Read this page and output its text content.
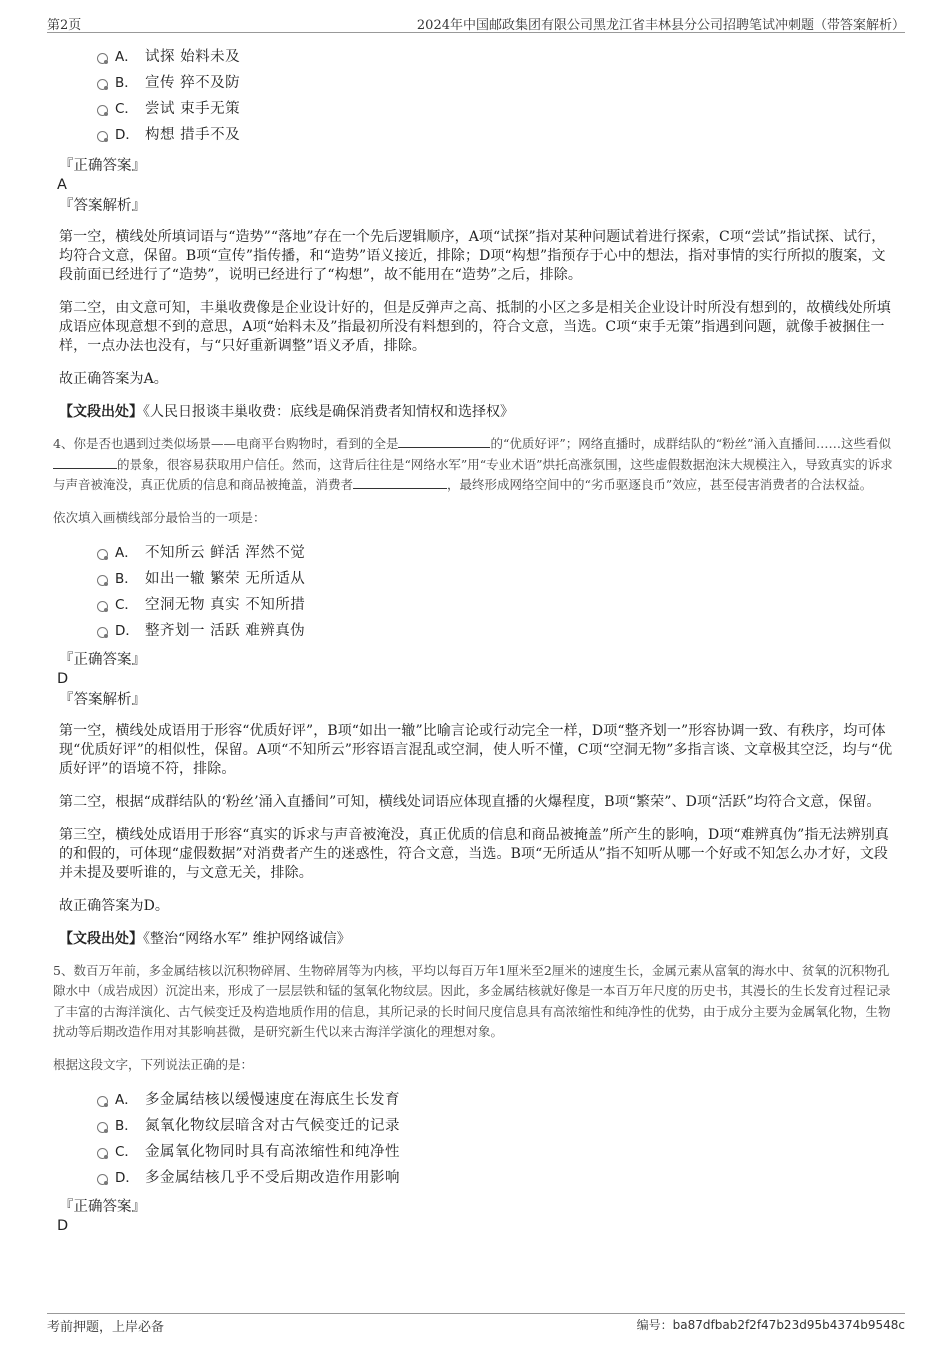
第2页	2024年中国邮政集团有限公司黑龙江省丰林县分公司招聘笔试冲刺题（带答案解析）
A． 试探 始料未及
B． 宣传 猝不及防
C． 尝试 束手无策
D． 构想 措手不及
『正确答案』
A
『答案解析』
第一空，横线处所填词语与“造势”“落地”存在一个先后逻辑顺序，A项“试探”指对某种问题试着进行探索，C项“尝试”指试探、试行，均符合文意，保留。B项“宣传”指传播，和“造势”语义接近，排除；D项“构想”指预存于心中的想法，指对事情的实行所拟的腹案，文段前面已经进行了“造势”，说明已经进行了“构想”，故不能用在“造势”之后，排除。
第二空，由文意可知，丰巢收费像是企业设计好的，但是反弹声之高、抵制的小区之多是相关企业设计时所没有想到的，故横线处所填成语应体现意想不到的意思，A项“始料未及”指最初所没有料想到的，符合文意，当选。C项“束手无策”指遇到问题，就像手被捆住一样，一点办法也没有，与“只好重新调整”语义矛盾，排除。
故正确答案为A。
【文段出处】《人民日报谈丰巢收费：底线是确保消费者知情权和选择权》
4、你是否也遇到过类似场景——电商平台购物时，看到的全是	的“优质好评”；网络直播时，成群结队的“粉丝”涌入直播间……这些看似的景象，很容易获取用户信任。然而，这背后往往是“网络水军”用“专业术语”烘托高涨氛围，这些虚假数据泡沫大规模注入，导致真实的诉求与声音被淹没，真正优质的信息和商品被掩盖，消费者	，最终形成网络空间中的“劣币驱逐良币”效应，甚至侵害消费者的合法权益。
依次填入画横线部分最恰当的一项是：
A． 不知所云 鲜活 浑然不觉
B． 如出一辙 繁荣 无所适从
C． 空洞无物 真实 不知所措
D． 整齐划一 活跃 难辨真伪
『正确答案』
D
『答案解析』
第一空，横线处成语用于形容“优质好评”，B项“如出一辙”比喻言论或行动完全一样，D项“整齐划一”形容协调一致、有秩序，均可体现“优质好评”的相似性，保留。A项“不知所云”形容语言混乱或空洞，使人听不懂，C项“空洞无物”多指言谈、文章极其空泛，均与“优质好评”的语境不符，排除。
第二空，根据“成群结队的‘粉丝’涌入直播间”可知，横线处词语应体现直播的火爆程度，B项“繁荣”、D项“活跃”均符合文意，保留。
第三空，横线处成语用于形容“真实的诉求与声音被淹没，真正优质的信息和商品被掩盖”所产生的影响，D项“难辨真伪”指无法辨别真的和假的，可体现“虚假数据”对消费者产生的迷惑性，符合文意，当选。B项“无所适从”指不知听从哪一个好或不知怎么办才好，文段并未提及要听谁的，与文意无关，排除。
故正确答案为D。
【文段出处】《整治“网络水军” 维护网络诚信》
5、数百万年前，多金属结核以沉积物碎屑、生物碎屑等为内核，平均以每百万年1厘米至2厘米的速度生长，金属元素从富氧的海水中、贫氧的沉积物孔隙水中（成岩成因）沉淀出来，形成了一层层铁和锰的氢氧化物纹层。因此，多金属结核就好像是一本百万年尺度的历史书，其漫长的生长发育过程记录了丰富的古海洋演化、古气候变迁及构造地质作用的信息，其所记录的长时间尺度信息具有高浓缩性和纯净性的优势，由于成分主要为金属氧化物，生物扰动等后期改造作用对其影响甚微，是研究新生代以来古海洋学演化的理想对象。
根据这段文字，下列说法正确的是：
A． 多金属结核以缓慢速度在海底生长发育
B． 氮氧化物纹层暗含对古气候变迁的记录
C． 金属氧化物同时具有高浓缩性和纯净性
D． 多金属结核几乎不受后期改造作用影响
『正确答案』
D
考前押题，上岸必备	编号：ba87dfbab2f2f47b23d95b4374b9548c
